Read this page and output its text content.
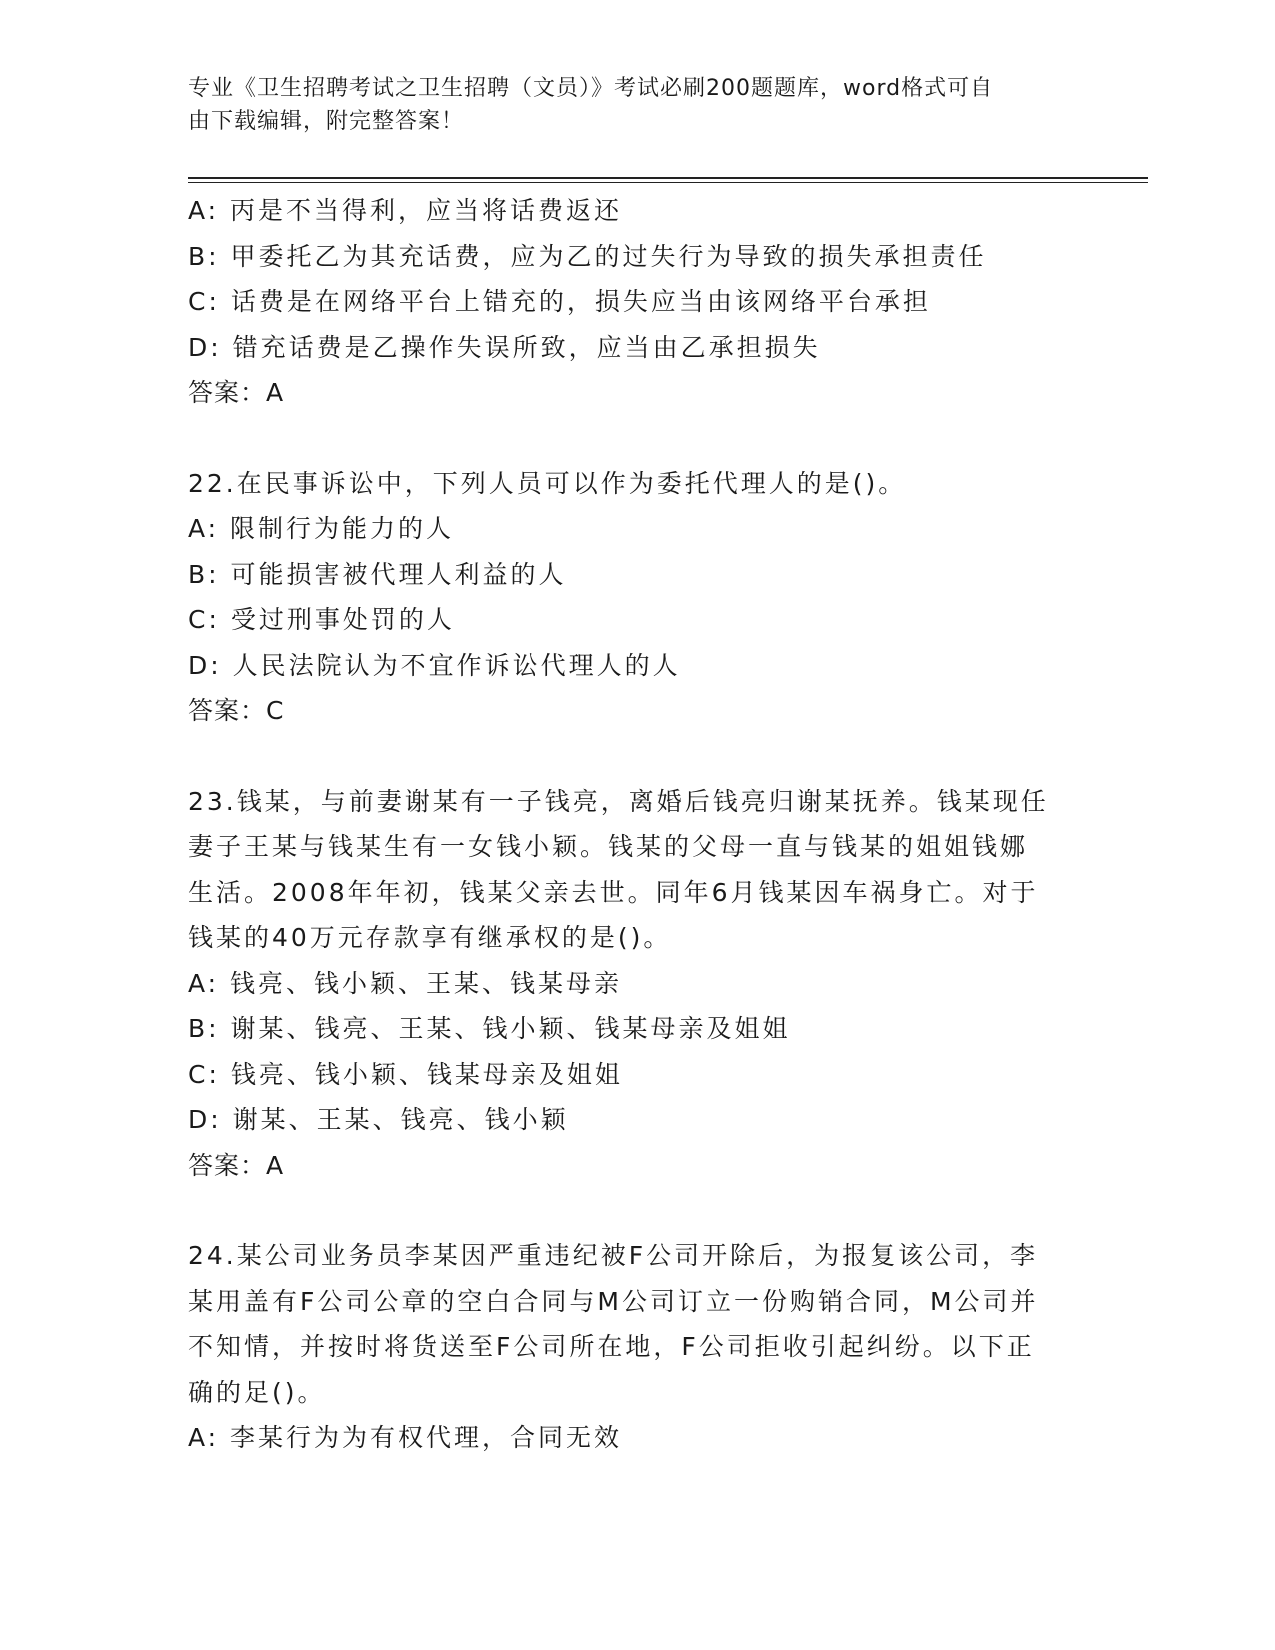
专业《卫生招聘考试之卫生招聘（文员）》考试必刷200题题库，word格式可自
由下载编辑，附完整答案！
A: 丙是不当得利，应当将话费返还
B: 甲委托乙为其充话费，应为乙的过失行为导致的损失承担责任
C: 话费是在网络平台上错充的，损失应当由该网络平台承担
D: 错充话费是乙操作失误所致，应当由乙承担损失
答案：A
22.在民事诉讼中，下列人员可以作为委托代理人的是()。
A: 限制行为能力的人
B: 可能损害被代理人利益的人
C: 受过刑事处罚的人
D: 人民法院认为不宜作诉讼代理人的人
答案：C
23.钱某，与前妻谢某有一子钱亮，离婚后钱亮归谢某抚养。钱某现任
妻子王某与钱某生有一女钱小颖。钱某的父母一直与钱某的姐姐钱娜
生活。2008年年初，钱某父亲去世。同年6月钱某因车祸身亡。对于
钱某的40万元存款享有继承权的是()。
A: 钱亮、钱小颖、王某、钱某母亲
B: 谢某、钱亮、王某、钱小颖、钱某母亲及姐姐
C: 钱亮、钱小颖、钱某母亲及姐姐
D: 谢某、王某、钱亮、钱小颖
答案：A
24.某公司业务员李某因严重违纪被F公司开除后，为报复该公司，李
某用盖有F公司公章的空白合同与M公司订立一份购销合同，M公司并
不知情，并按时将货送至F公司所在地，F公司拒收引起纠纷。以下正
确的足()。
A: 李某行为为有权代理，合同无效
